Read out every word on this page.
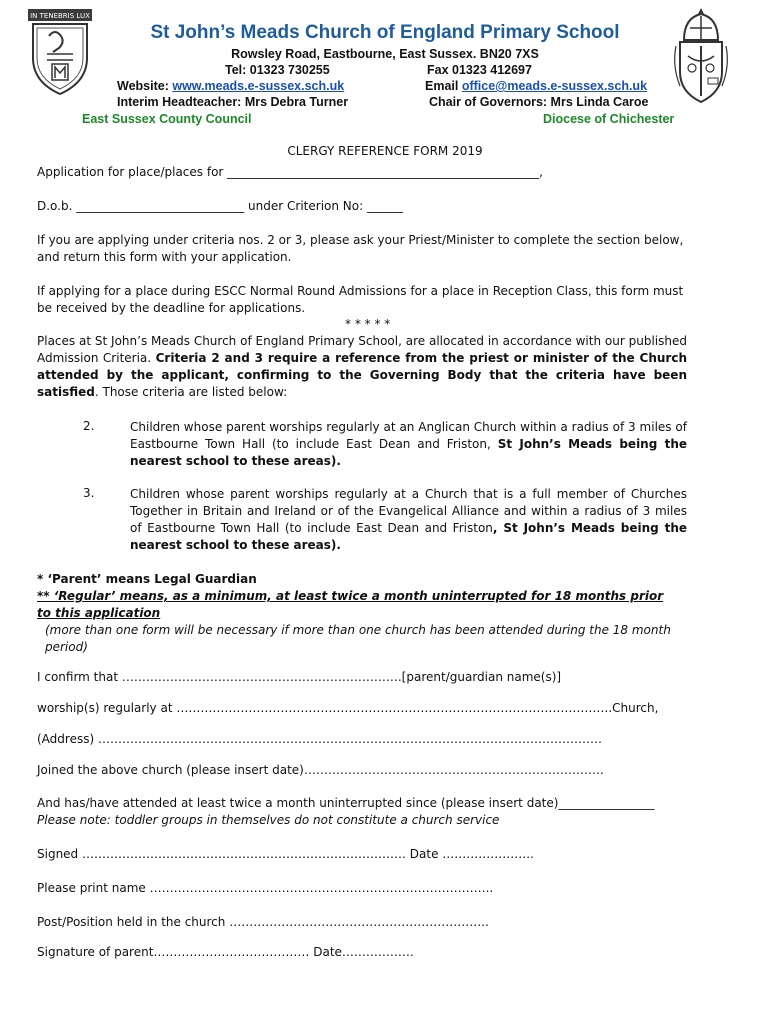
IN TENEBRIS LUX
St John’s Meads Church of England Primary School
Rowsley Road, Eastbourne, East Sussex. BN20 7XS
Tel: 01323 730255	Fax 01323 412697
Website: www.meads.e-sussex.sch.uk	Email office@meads.e-sussex.sch.uk
Interim Headteacher: Mrs Debra Turner	Chair of Governors: Mrs Linda Caroe
East Sussex County Council	Diocese of Chichester
CLERGY REFERENCE FORM 2019
Application for place/places for ____________________________________________________,
D.o.b. ____________________________ under Criterion No: ______
If you are applying under criteria nos. 2 or 3, please ask your Priest/Minister to complete the section below, and return this form with your application.
If applying for a place during ESCC Normal Round Admissions for a place in Reception Class, this form must be received by the deadline for applications.
* * * * *
Places at St John’s Meads Church of England Primary School, are allocated in accordance with our published Admission Criteria. Criteria 2 and 3 require a reference from the priest or minister of the Church attended by the applicant, confirming to the Governing Body that the criteria have been satisfied. Those criteria are listed below:
2.	Children whose parent worships regularly at an Anglican Church within a radius of 3 miles of Eastbourne Town Hall (to include East Dean and Friston, St John’s Meads being the nearest school to these areas).
3.	Children whose parent worships regularly at a Church that is a full member of Churches Together in Britain and Ireland or of the Evangelical Alliance and within a radius of 3 miles of Eastbourne Town Hall (to include East Dean and Friston, St John’s Meads being the nearest school to these areas).
* ‘Parent’ means Legal Guardian
** ‘Regular’ means, as a minimum, at least twice a month uninterrupted for 18 months prior to this application
(more than one form will be necessary if more than one church has been attended during the 18 month period)
I confirm that …………………………………………………………….[parent/guardian name(s)]
worship(s) regularly at ……………………………………………………………………………………………….Church,
(Address) ………………………………………………………………………………………………………………
Joined the above church (please insert date)…………………………………………………………………
And has/have attended at least twice a month uninterrupted since (please insert date)________________
Please note: toddler groups in themselves do not constitute a church service
Signed ……………………………………………………………………… Date …………………..
Please print name …………………………………………………………………………..
Post/Position held in the church ………………………………………………………..
Signature of parent………………………………… Date………………
